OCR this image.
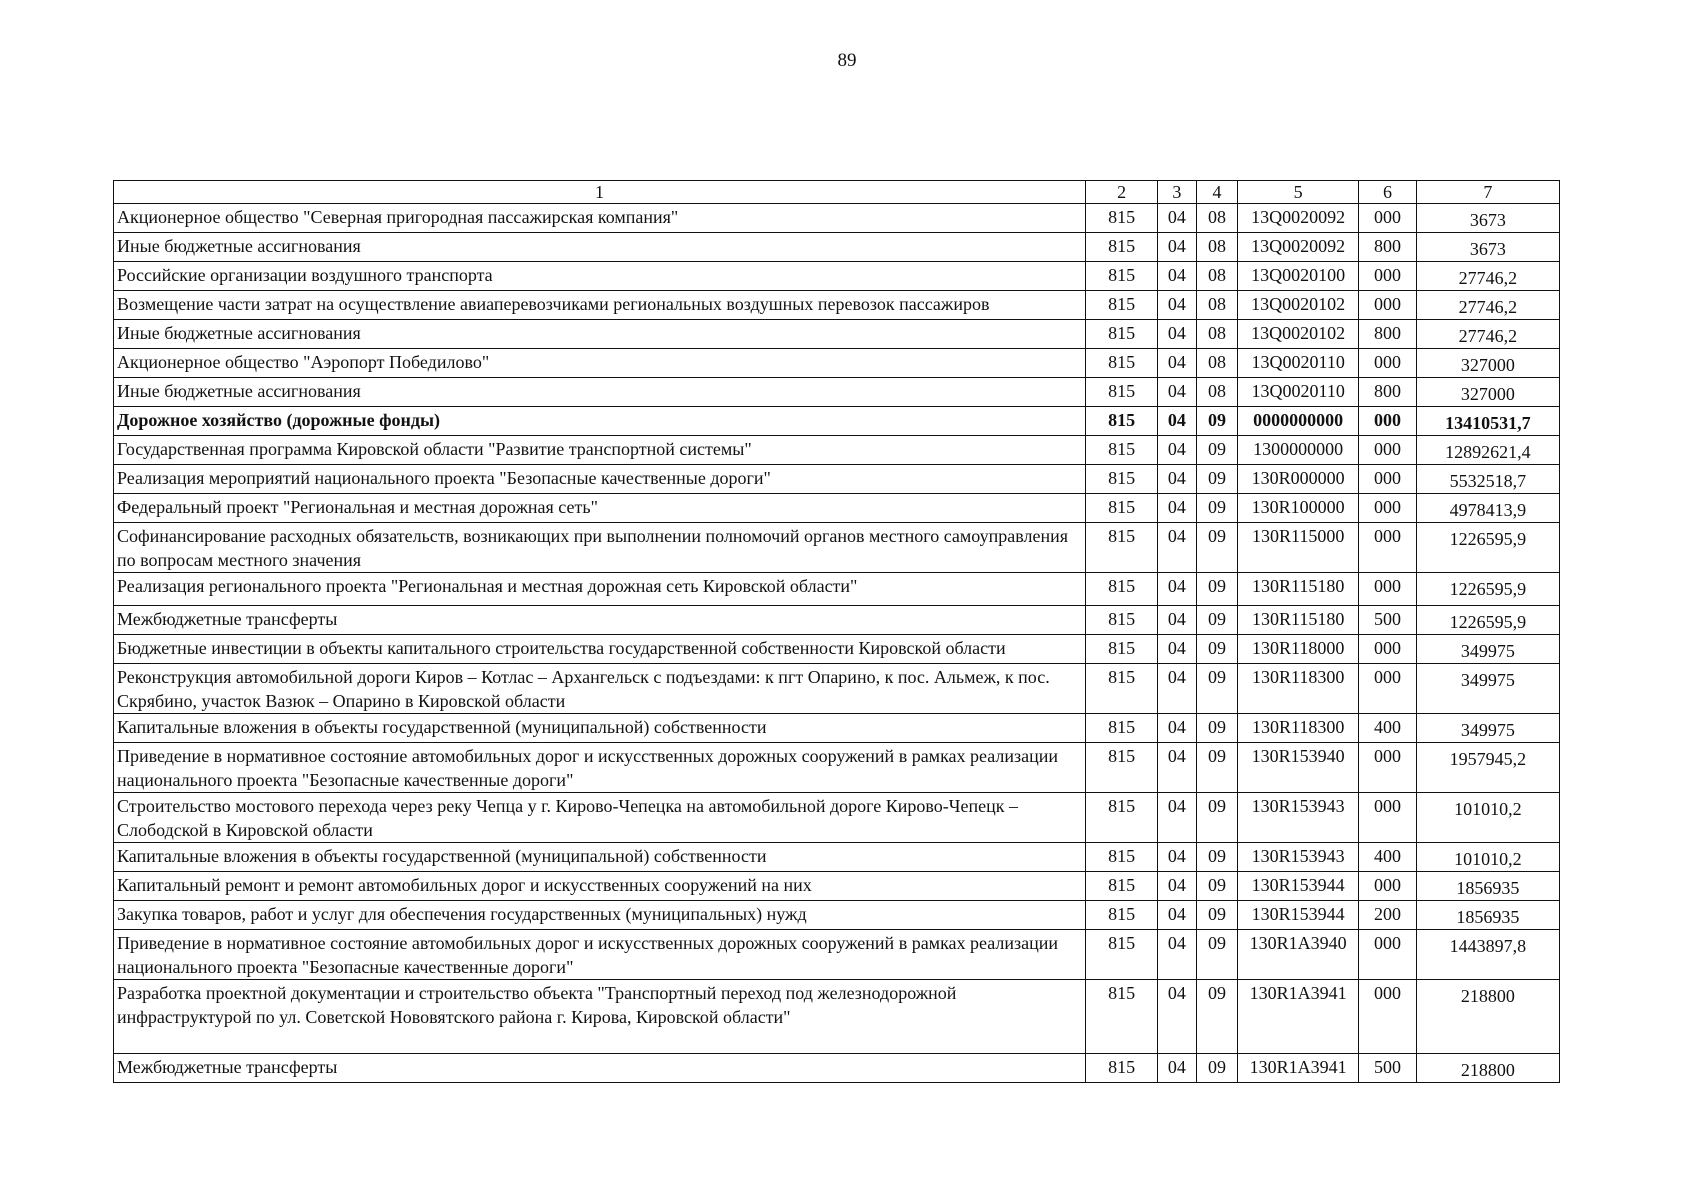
89
1	2	3	4	5	6	7
Акционерное общество "Северная пригородная пассажирская компания"	815	04	08	13Q0020092	000	3673
Иные бюджетные ассигнования	815	04	08	13Q0020092	800	3673
Российские организации воздушного транспорта	815	04	08	13Q0020100	000	27746,2
Возмещение части затрат на осуществление авиаперевозчиками региональных воздушных перевозок пассажиров	815	04	08	13Q0020102	000	27746,2
Иные бюджетные ассигнования	815	04	08	13Q0020102	800	27746,2
Акционерное общество "Аэропорт Победилово"	815	04	08	13Q0020110	000	327000
Иные бюджетные ассигнования	815	04	08	13Q0020110	800	327000
Дорожное хозяйство (дорожные фонды)	815	04	09	0000000000	000	13410531,7
Государственная программа Кировской области "Развитие транспортной системы"	815	04	09	1300000000	000	12892621,4
Реализация мероприятий национального проекта "Безопасные качественные дороги"	815	04	09	130R000000	000	5532518,7
Федеральный проект "Региональная и местная дорожная сеть"	815	04	09	130R100000	000	4978413,9
Софинансирование расходных обязательств, возникающих при выполнении полномочий органов местного самоуправления по вопросам местного значения	815	04	09	130R115000	000	1226595,9
Реализация регионального проекта "Региональная и местная дорожная сеть Кировской области"	815	04	09	130R115180	000	1226595,9
Межбюджетные трансферты	815	04	09	130R115180	500	1226595,9
Бюджетные инвестиции в объекты капитального строительства государственной собственности Кировской области	815	04	09	130R118000	000	349975
Реконструкция автомобильной дороги Киров – Котлас – Архангельск с подъездами: к пгт Опарино, к пос. Альмеж, к пос. Скрябино, участок Вазюк – Опарино в Кировской области	815	04	09	130R118300	000	349975
Капитальные вложения в объекты государственной (муниципальной) собственности	815	04	09	130R118300	400	349975
Приведение в нормативное состояние автомобильных дорог и искусственных дорожных сооружений в рамках реализации национального проекта "Безопасные качественные дороги"	815	04	09	130R153940	000	1957945,2
Строительство мостового перехода через реку Чепца у г. Кирово-Чепецка на автомобильной дороге Кирово-Чепецк – Слободской в Кировской области	815	04	09	130R153943	000	101010,2
Капитальные вложения в объекты государственной (муниципальной) собственности	815	04	09	130R153943	400	101010,2
Капитальный ремонт и ремонт автомобильных дорог и искусственных сооружений на них	815	04	09	130R153944	000	1856935
Закупка товаров, работ и услуг для обеспечения государственных (муниципальных) нужд	815	04	09	130R153944	200	1856935
Приведение в нормативное состояние автомобильных дорог и искусственных дорожных сооружений в рамках реализации национального проекта "Безопасные качественные дороги"	815	04	09	130R1A3940	000	1443897,8
Разработка проектной документации и строительство объекта "Транспортный переход под железнодорожной инфраструктурой по ул. Советской Нововятского района г. Кирова, Кировской области"	815	04	09	130R1A3941	000	218800
Межбюджетные трансферты	815	04	09	130R1A3941	500	218800
